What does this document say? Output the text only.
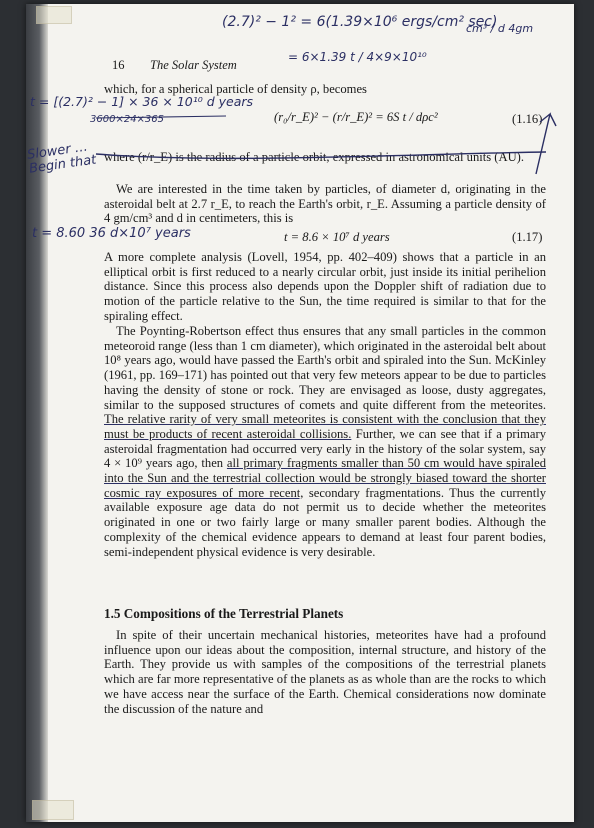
(2.7)² − 1² = 6(1.39×10⁶ ergs/cm² sec)
cm³ / d 4gm
= 6×1.39 t / 4×9×10¹⁰
t = [(2.7)² − 1] × 36 × 10¹⁰ d years
3600×24×365
Slower … Begin that
t = 8.60 36 d×10⁷ years
16 The Solar System

which, for a spherical particle of density ρ, becomes

(r₀/r_E)² − (r/r_E)² = 6S t / dρc²	(1.16)

where (r/r_E) is the radius of a particle orbit, expressed in astronomical units (AU).

We are interested in the time taken by particles, of diameter d, originating in the asteroidal belt at 2.7 r_E, to reach the Earth's orbit, r_E. Assuming a particle density of 4 gm/cm³ and d in centimeters, this is

t = 8.6 × 10⁷ d years	(1.17)

A more complete analysis (Lovell, 1954, pp. 402–409) shows that a particle in an elliptical orbit is first reduced to a nearly circular orbit, just inside its initial perihelion distance. Since this process also depends upon the Doppler shift of radiation due to motion of the particle relative to the Sun, the time required is similar to that for the spiraling effect.

The Poynting-Robertson effect thus ensures that any small particles in the common meteoroid range (less than 1 cm diameter), which originated in the asteroidal belt about 10⁸ years ago, would have passed the Earth's orbit and spiraled into the Sun. McKinley (1961, pp. 169–171) has pointed out that very few meteors appear to be due to particles having the density of stone or rock. They are envisaged as loose, dusty aggregates, similar to the supposed structures of comets and quite different from the meteorites. The relative rarity of very small meteorites is consistent with the conclusion that they must be products of recent asteroidal collisions. Further, we can see that if a primary asteroidal fragmentation had occurred very early in the history of the solar system, say 4 × 10⁹ years ago, then all primary fragments smaller than 50 cm would have spiraled into the Sun and the terrestrial collection would be strongly biased toward the shorter cosmic ray exposures of more recent, secondary fragmentations. Thus the currently available exposure age data do not permit us to decide whether the meteorites originated in one or two fairly large or many smaller parent bodies. Although the complexity of the chemical evidence appears to demand at least four parent bodies, semi-independent physical evidence is very desirable.

1.5 Compositions of the Terrestrial Planets

In spite of their uncertain mechanical histories, meteorites have had a profound influence upon our ideas about the composition, internal structure, and history of the Earth. They provide us with samples of the compositions of the terrestrial planets which are far more representative of the planets as as whole than are the rocks to which we have access near the surface of the Earth. Chemical considerations now dominate the discussion of the nature and
